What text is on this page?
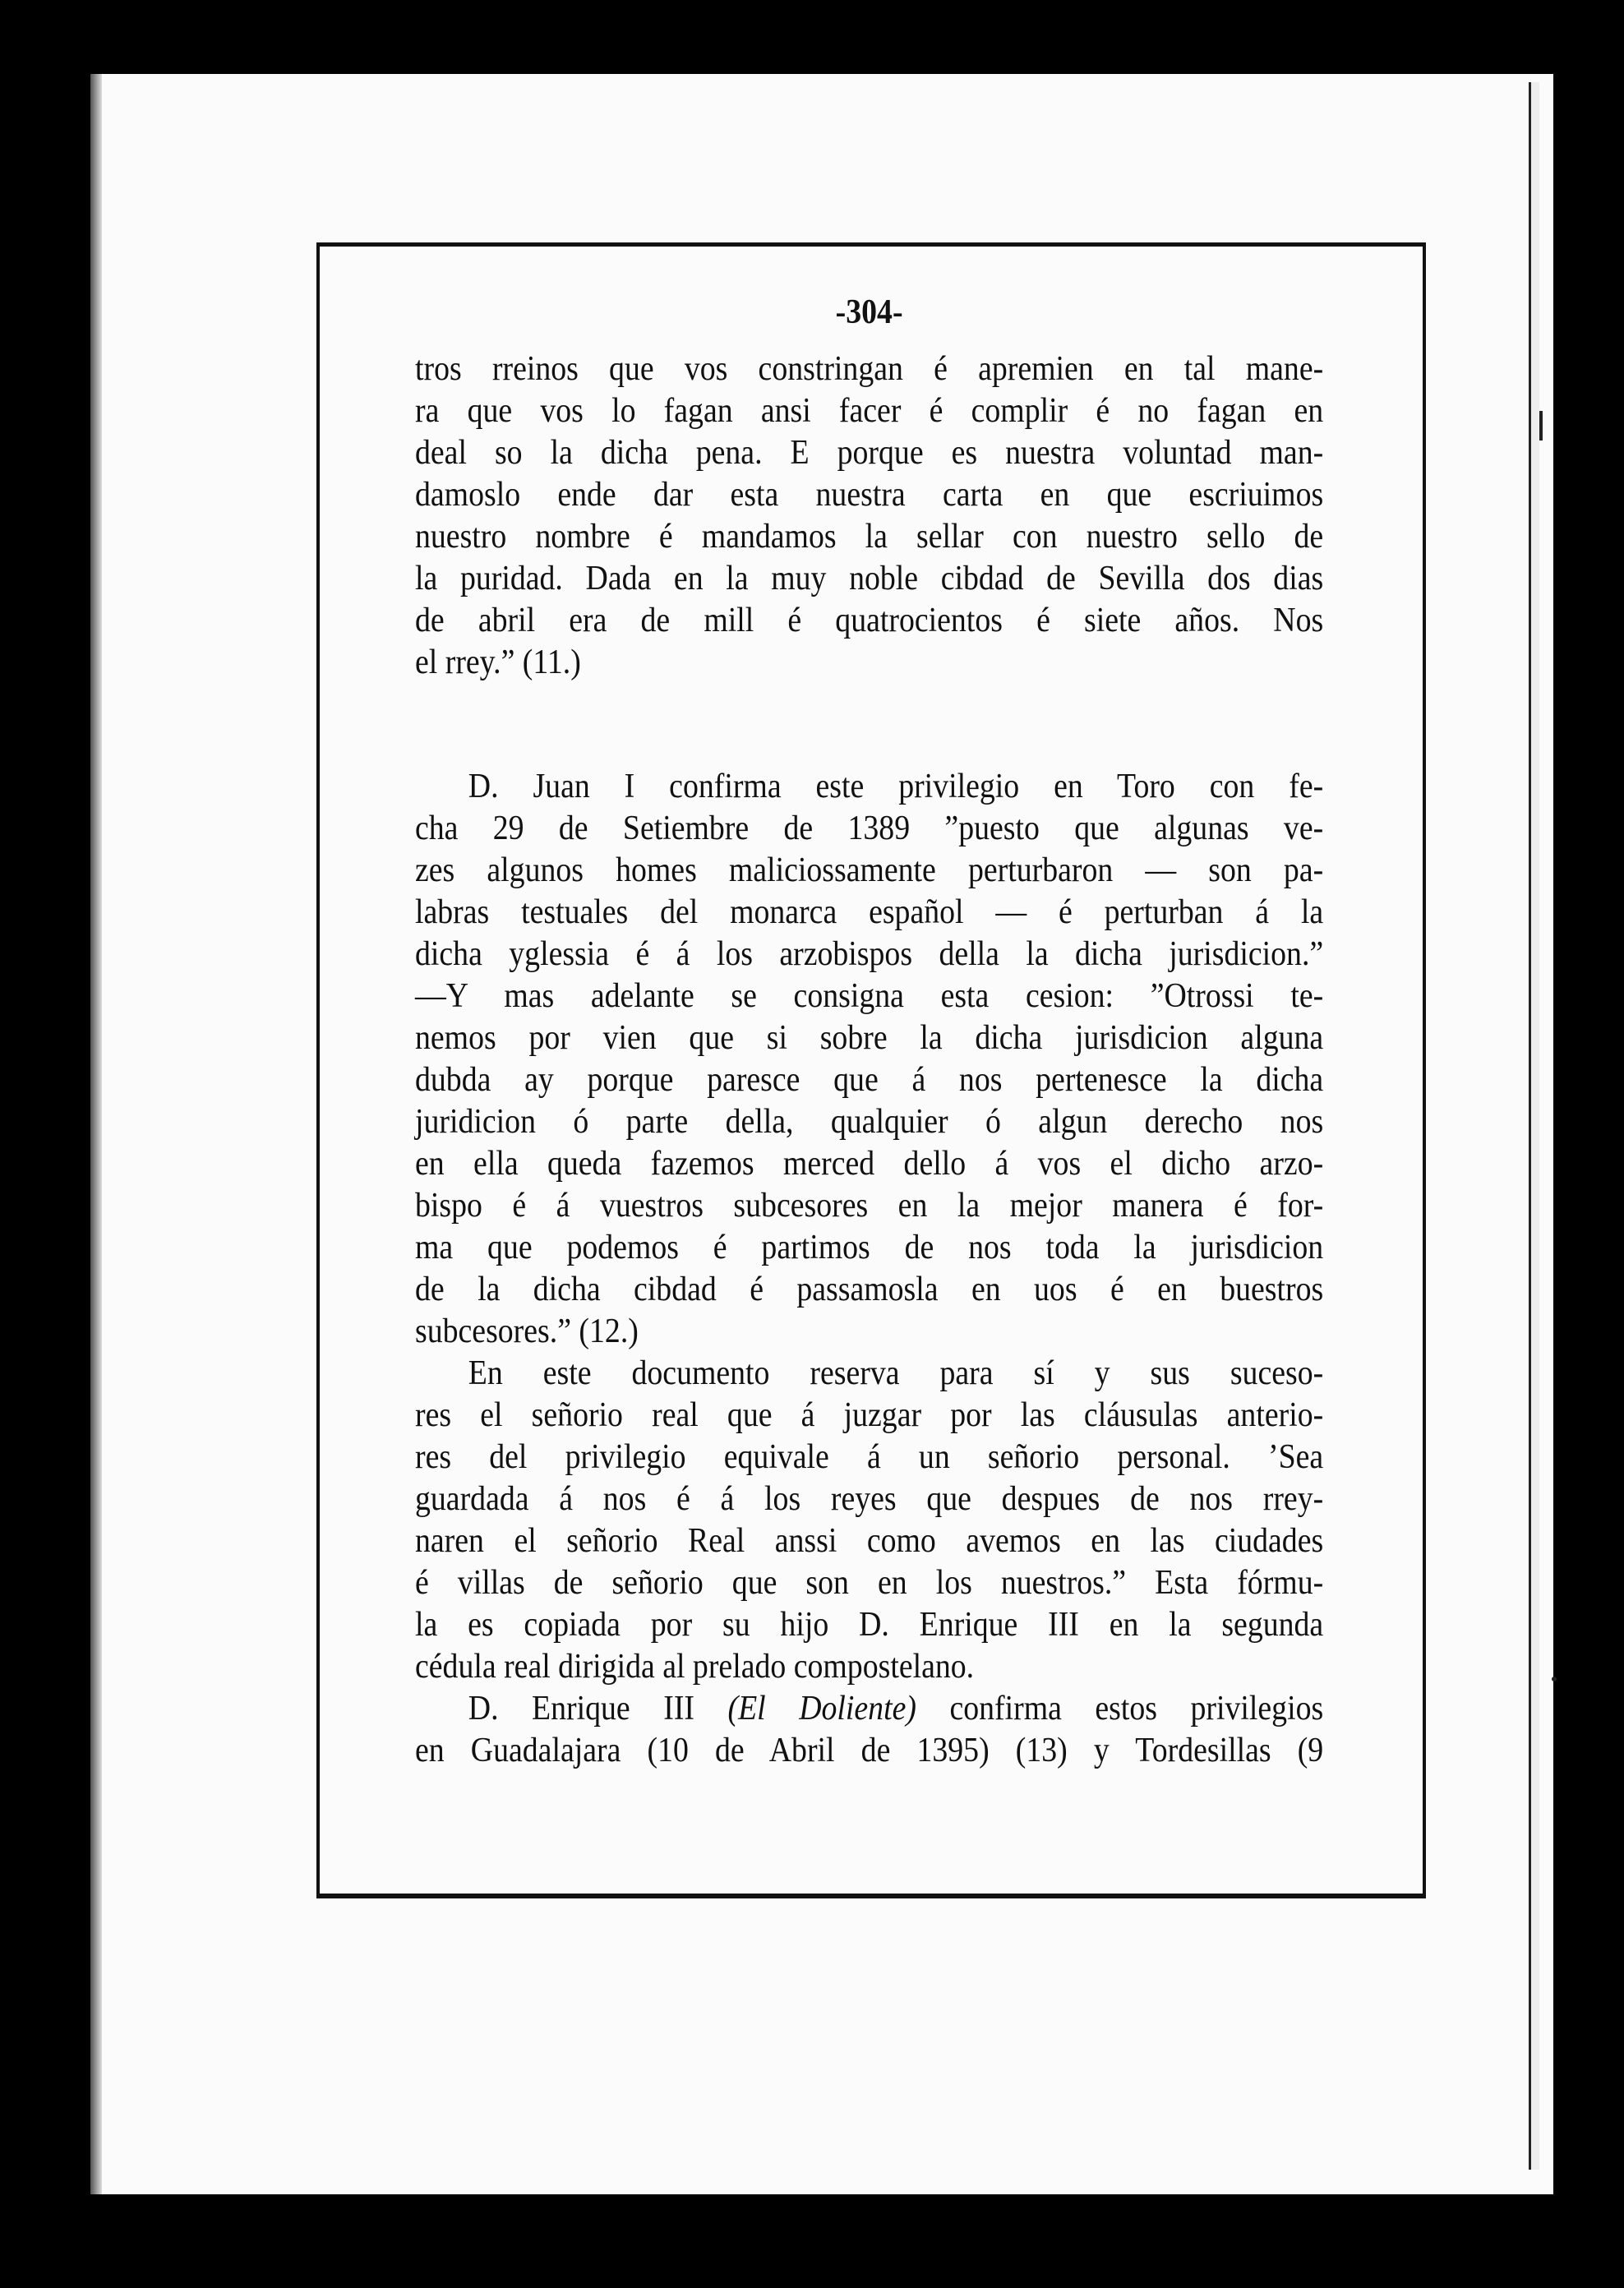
-304-
tros rreinos que vos constringan é apremien en tal mane-
ra que vos lo fagan ansi facer é complir é no fagan en
deal so la dicha pena. E porque es nuestra voluntad man-
damoslo ende dar esta nuestra carta en que escriuimos
nuestro nombre é mandamos la sellar con nuestro sello de
la puridad. Dada en la muy noble cibdad de Sevilla dos dias
de abril era de mill é quatrocientos é siete años. Nos
el rrey.” (11.)
D. Juan I confirma este privilegio en Toro con fe-
cha 29 de Setiembre de 1389 ”puesto que algunas ve-
zes algunos homes maliciossamente perturbaron — son pa-
labras testuales del monarca español — é perturban á la
dicha yglessia é á los arzobispos della la dicha jurisdicion.”
—Y mas adelante se consigna esta cesion: ”Otrossi te-
nemos por vien que si sobre la dicha jurisdicion alguna
dubda ay porque paresce que á nos pertenesce la dicha
juridicion ó parte della, qualquier ó algun derecho nos
en ella queda fazemos merced dello á vos el dicho arzo-
bispo é á vuestros subcesores en la mejor manera é for-
ma que podemos é partimos de nos toda la jurisdicion
de la dicha cibdad é passamosla en uos é en buestros
subcesores.” (12.)
En este documento reserva para sí y sus suceso-
res el señorio real que á juzgar por las cláusulas anterio-
res del privilegio equivale á un señorio personal. ’Sea
guardada á nos é á los reyes que despues de nos rrey-
naren el señorio Real anssi como avemos en las ciudades
é villas de señorio que son en los nuestros.” Esta fórmu-
la es copiada por su hijo D. Enrique III en la segunda
cédula real dirigida al prelado compostelano.
D. Enrique III (El Doliente) confirma estos privilegios
en Guadalajara (10 de Abril de 1395) (13) y Tordesillas (9
